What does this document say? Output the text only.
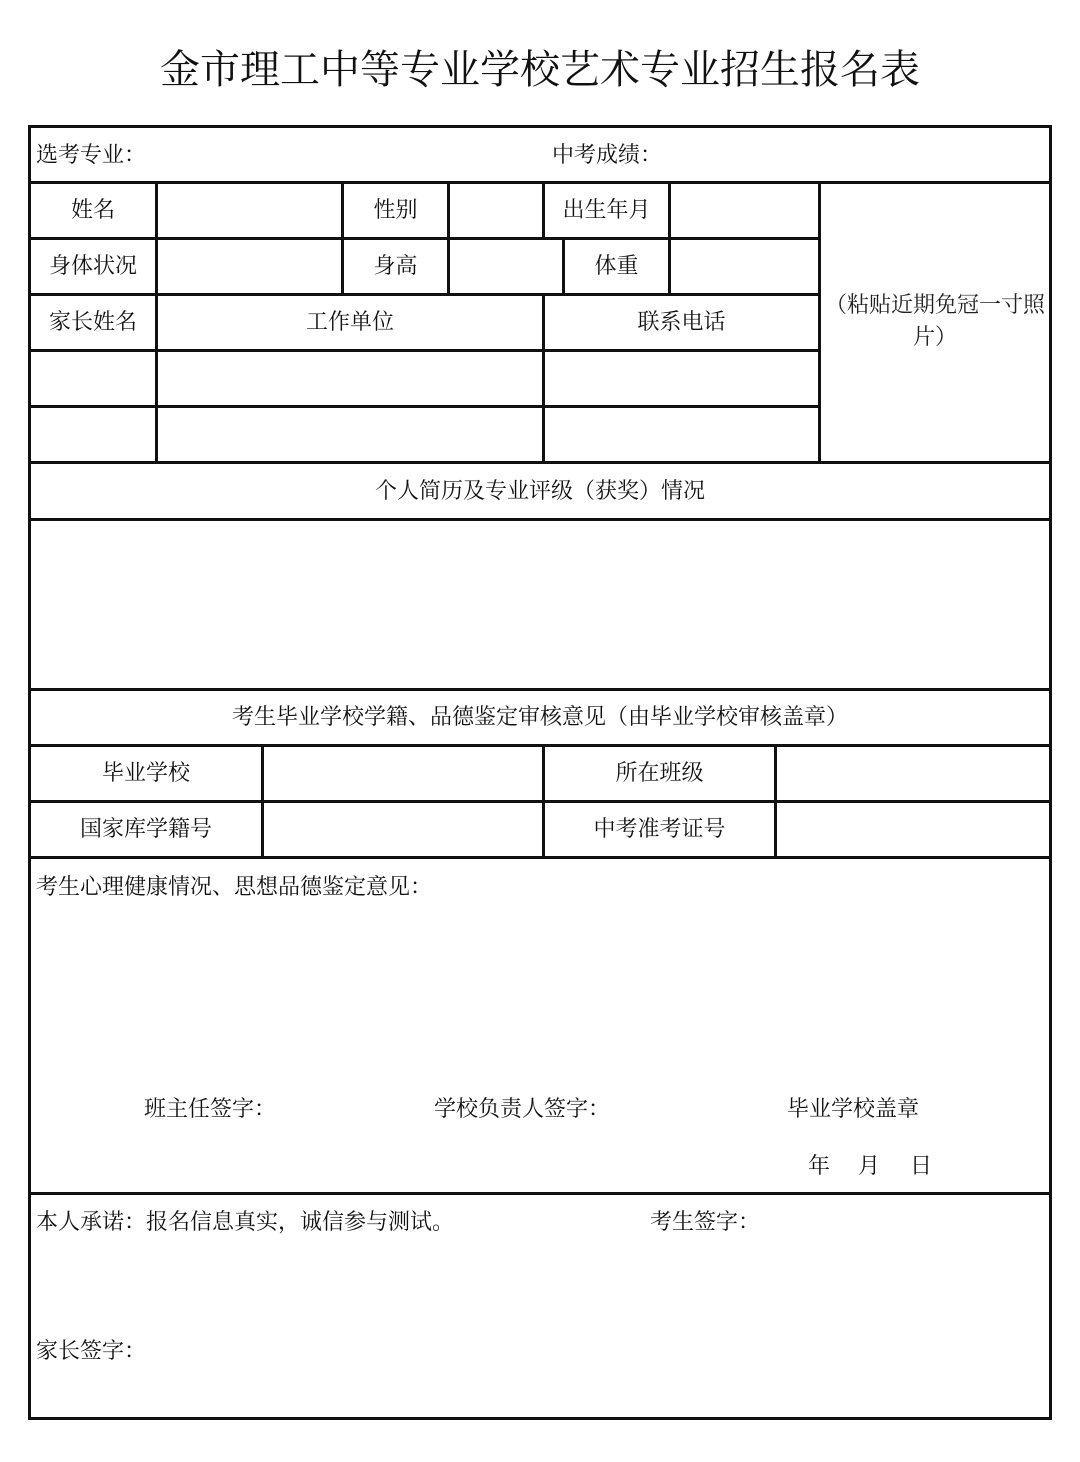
金市理工中等专业学校艺术专业招生报名表
选考专业：	中考成绩：
姓名	性别	出生年月
身体状况	身高	体重
（粘贴近期免冠一寸照片）
家长姓名	工作单位	联系电话
个人简历及专业评级（获奖）情况
考生毕业学校学籍、品德鉴定审核意见（由毕业学校审核盖章）
毕业学校	所在班级
国家库学籍号	中考准考证号
考生心理健康情况、思想品德鉴定意见：
班主任签字：	学校负责人签字：	毕业学校盖章
年 月 日
本人承诺：报名信息真实，诚信参与测试。	考生签字：
家长签字：
